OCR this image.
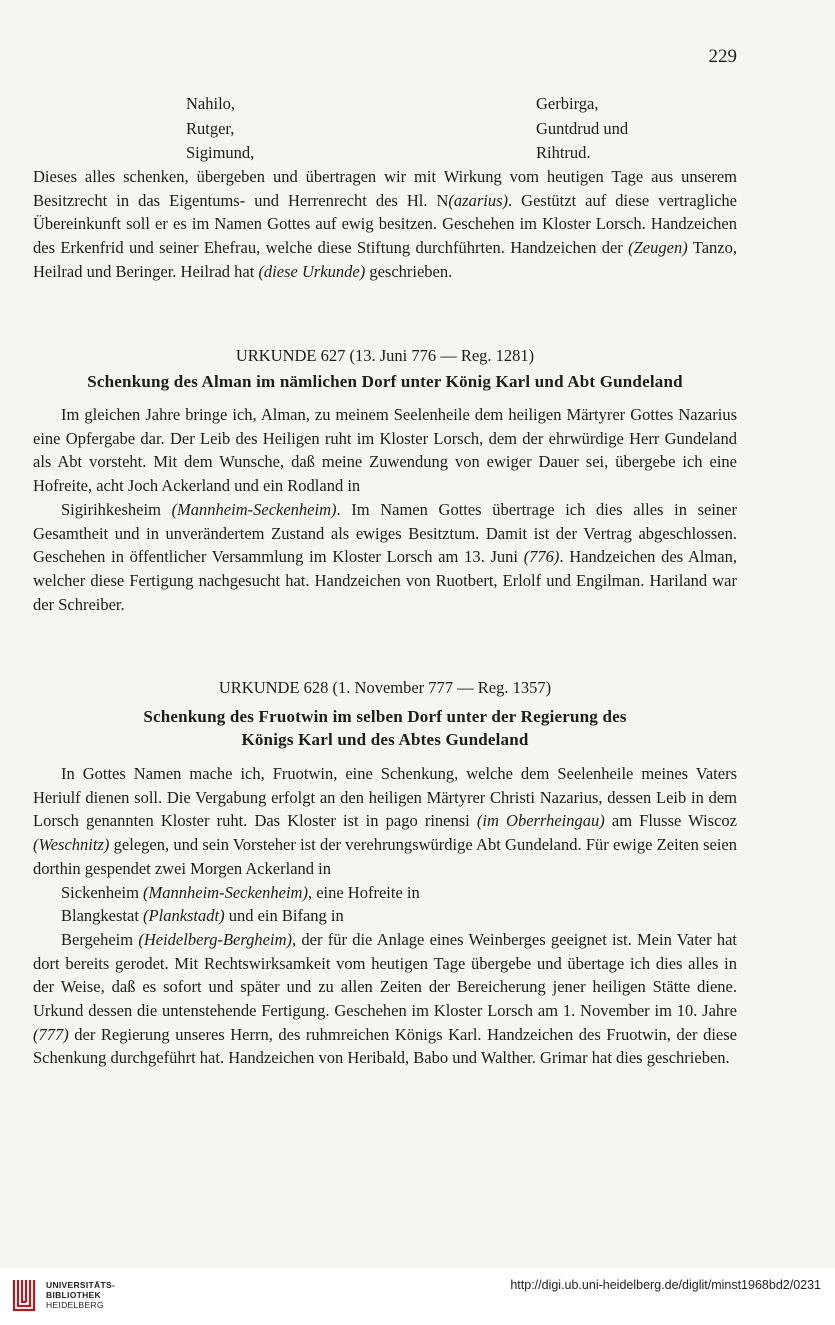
229
Nahilo,	Gerbirga,
Rutger,	Guntdrud und
Sigimund,	Rihtrud.

Dieses alles schenken, übergeben und übertragen wir mit Wirkung vom heutigen Tage aus unserem Besitzrecht in das Eigentums- und Herrenrecht des Hl. N(azarius). Gestützt auf diese vertragliche Übereinkunft soll er es im Namen Gottes auf ewig besitzen. Geschehen im Kloster Lorsch. Handzeichen des Erkenfrid und seiner Ehefrau, welche diese Stiftung durchführten. Handzeichen der (Zeugen) Tanzo, Heilrad und Beringer. Heilrad hat (diese Urkunde) geschrieben.

URKUNDE 627 (13. Juni 776 — Reg. 1281)
Schenkung des Alman im nämlichen Dorf unter König Karl und Abt Gundeland

Im gleichen Jahre bringe ich, Alman, zu meinem Seelenheile dem heiligen Märtyrer Gottes Nazarius eine Opfergabe dar. Der Leib des Heiligen ruht im Kloster Lorsch, dem der ehrwürdige Herr Gundeland als Abt vorsteht. Mit dem Wunsche, daß meine Zuwendung von ewiger Dauer sei, übergebe ich eine Hofreite, acht Joch Ackerland und ein Rodland in

Sigirihkesheim (Mannheim-Seckenheim). Im Namen Gottes übertrage ich dies alles in seiner Gesamtheit und in unverändertem Zustand als ewiges Besitztum. Damit ist der Vertrag abgeschlossen. Geschehen in öffentlicher Versammlung im Kloster Lorsch am 13. Juni (776). Handzeichen des Alman, welcher diese Fertigung nachgesucht hat. Handzeichen von Ruotbert, Erlolf und Engilman. Hariland war der Schreiber.

URKUNDE 628 (1. November 777 — Reg. 1357)
Schenkung des Fruotwin im selben Dorf unter der Regierung des
Königs Karl und des Abtes Gundeland

In Gottes Namen mache ich, Fruotwin, eine Schenkung, welche dem Seelenheile meines Vaters Heriulf dienen soll. Die Vergabung erfolgt an den heiligen Märtyrer Christi Nazarius, dessen Leib in dem Lorsch genannten Kloster ruht. Das Kloster ist in pago rinensi (im Oberrheingau) am Flusse Wiscoz (Weschnitz) gelegen, und sein Vorsteher ist der verehrungswürdige Abt Gundeland. Für ewige Zeiten seien dorthin gespendet zwei Morgen Ackerland in

Sickenheim (Mannheim-Seckenheim), eine Hofreite in

Blangkestat (Plankstadt) und ein Bifang in

Bergeheim (Heidelberg-Bergheim), der für die Anlage eines Weinberges geeignet ist. Mein Vater hat dort bereits gerodet. Mit Rechtswirksamkeit vom heutigen Tage übergebe und übertage ich dies alles in der Weise, daß es sofort und später und zu allen Zeiten der Bereicherung jener heiligen Stätte diene. Urkund dessen die untenstehende Fertigung. Geschehen im Kloster Lorsch am 1. November im 10. Jahre (777) der Regierung unseres Herrn, des ruhmreichen Königs Karl. Handzeichen des Fruotwin, der diese Schenkung durchgeführt hat. Handzeichen von Heribald, Babo und Walther. Grimar hat dies geschrieben.

UNIVERSITÄTS-
BIBLIOTHEK
HEIDELBERG
http://digi.ub.uni-heidelberg.de/diglit/minst1968bd2/0231
